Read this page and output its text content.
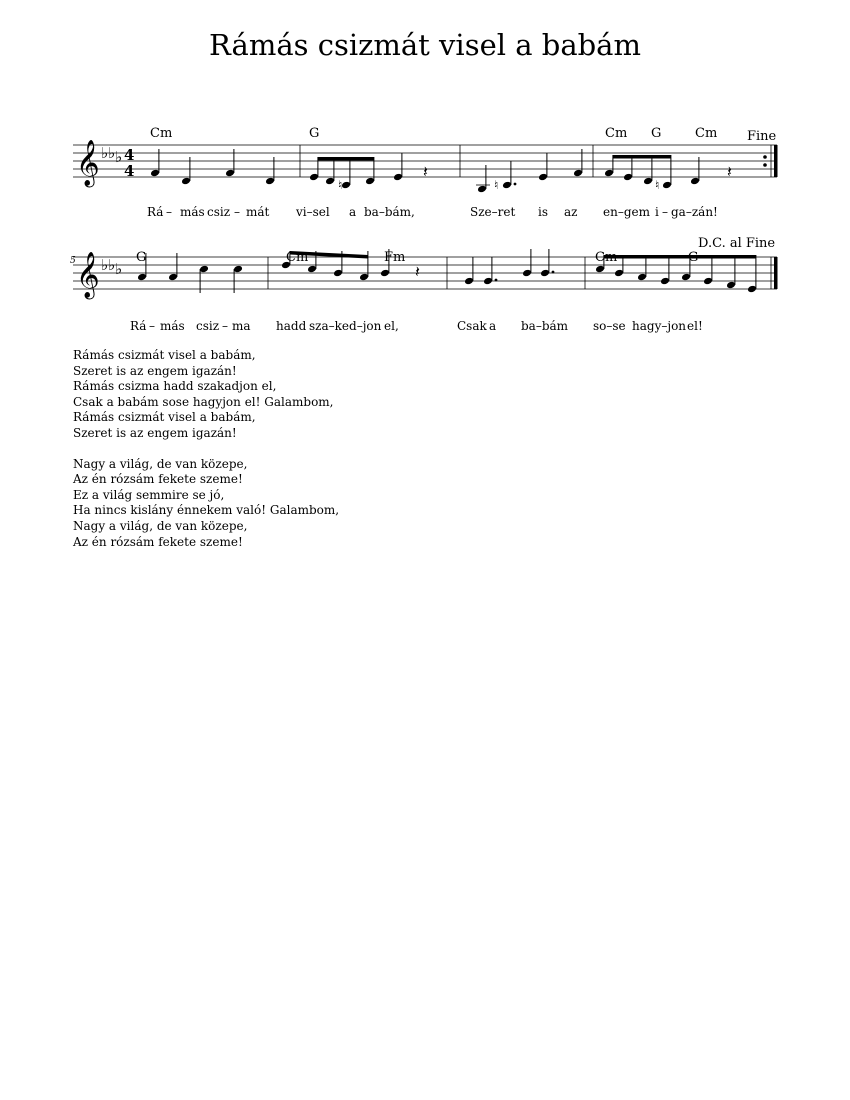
Rámás csizmát visel a babám
𝄞 ♭ ♭ ♭
𝄞 ♭ ♭ ♭
4
4
♮
𝄽
♮	♮
𝄽
𝄽
Cm	G	Cm G	Cm Fine
Rá – más csiz – mát vi–sel a ba–bám,	Sze–ret is az en–gem i – ga–zán!
5
D.C. al Fine
G	Cm	Fm	Cm	G
Rá – más csiz – ma hadd sza–ked–jon el,	Csak a ba–bám so–se hagy–jon el!
Rámás csizmát visel a babám,
Szeret is az engem igazán!
Rámás csizma hadd szakadjon el,
Csak a babám sose hagyjon el! Galambom,
Rámás csizmát visel a babám,
Szeret is az engem igazán!
Nagy a világ, de van közepe,
Az én rózsám fekete szeme!
Ez a világ semmire se jó,
Ha nincs kislány énnekem való! Galambom,
Nagy a világ, de van közepe,
Az én rózsám fekete szeme!
